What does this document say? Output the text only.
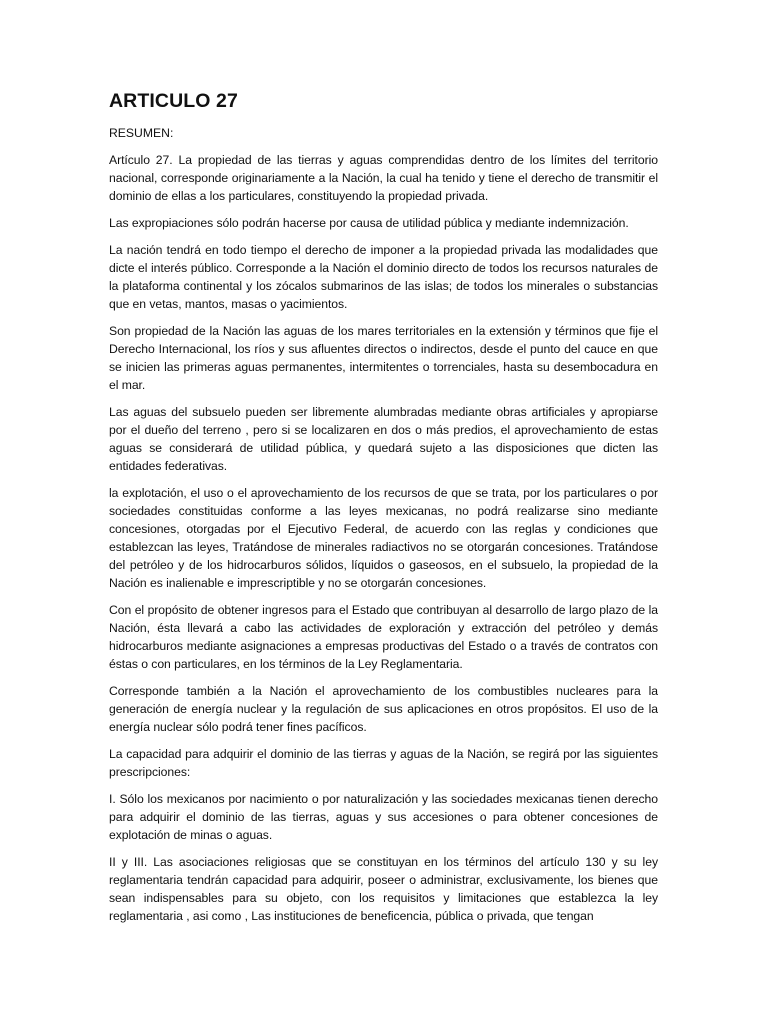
ARTICULO 27

RESUMEN:

Artículo 27. La propiedad de las tierras y aguas comprendidas dentro de los límites del territorio nacional, corresponde originariamente a la Nación, la cual ha tenido y tiene el derecho de transmitir el dominio de ellas a los particulares, constituyendo la propiedad privada.

Las expropiaciones sólo podrán hacerse por causa de utilidad pública y mediante indemnización.

La nación tendrá en todo tiempo el derecho de imponer a la propiedad privada las modalidades que dicte el interés público. Corresponde a la Nación el dominio directo de todos los recursos naturales de la plataforma continental y los zócalos submarinos de las islas; de todos los minerales o substancias que en vetas, mantos, masas o yacimientos.

Son propiedad de la Nación las aguas de los mares territoriales en la extensión y términos que fije el Derecho Internacional, los ríos y sus afluentes directos o indirectos, desde el punto del cauce en que se inicien las primeras aguas permanentes, intermitentes o torrenciales, hasta su desembocadura en el mar.

Las aguas del subsuelo pueden ser libremente alumbradas mediante obras artificiales y apropiarse por el dueño del terreno , pero si se localizaren en dos o más predios, el aprovechamiento de estas aguas se considerará de utilidad pública, y quedará sujeto a las disposiciones que dicten las entidades federativas.

la explotación, el uso o el aprovechamiento de los recursos de que se trata, por los particulares o por sociedades constituidas conforme a las leyes mexicanas, no podrá realizarse sino mediante concesiones, otorgadas por el Ejecutivo Federal, de acuerdo con las reglas y condiciones que establezcan las leyes, Tratándose de minerales radiactivos no se otorgarán concesiones. Tratándose del petróleo y de los hidrocarburos sólidos, líquidos o gaseosos, en el subsuelo, la propiedad de la Nación es inalienable e imprescriptible y no se otorgarán concesiones.

Con el propósito de obtener ingresos para el Estado que contribuyan al desarrollo de largo plazo de la Nación, ésta llevará a cabo las actividades de exploración y extracción del petróleo y demás hidrocarburos mediante asignaciones a empresas productivas del Estado o a través de contratos con éstas o con particulares, en los términos de la Ley Reglamentaria.

Corresponde también a la Nación el aprovechamiento de los combustibles nucleares para la generación de energía nuclear y la regulación de sus aplicaciones en otros propósitos. El uso de la energía nuclear sólo podrá tener fines pacíficos.

La capacidad para adquirir el dominio de las tierras y aguas de la Nación, se regirá por las siguientes prescripciones:

I. Sólo los mexicanos por nacimiento o por naturalización y las sociedades mexicanas tienen derecho para adquirir el dominio de las tierras, aguas y sus accesiones o para obtener concesiones de explotación de minas o aguas.

II y III. Las asociaciones religiosas que se constituyan en los términos del artículo 130 y su ley reglamentaria tendrán capacidad para adquirir, poseer o administrar, exclusivamente, los bienes que sean indispensables para su objeto, con los requisitos y limitaciones que establezca la ley reglamentaria , asi como , Las instituciones de beneficencia, pública o privada, que tengan
